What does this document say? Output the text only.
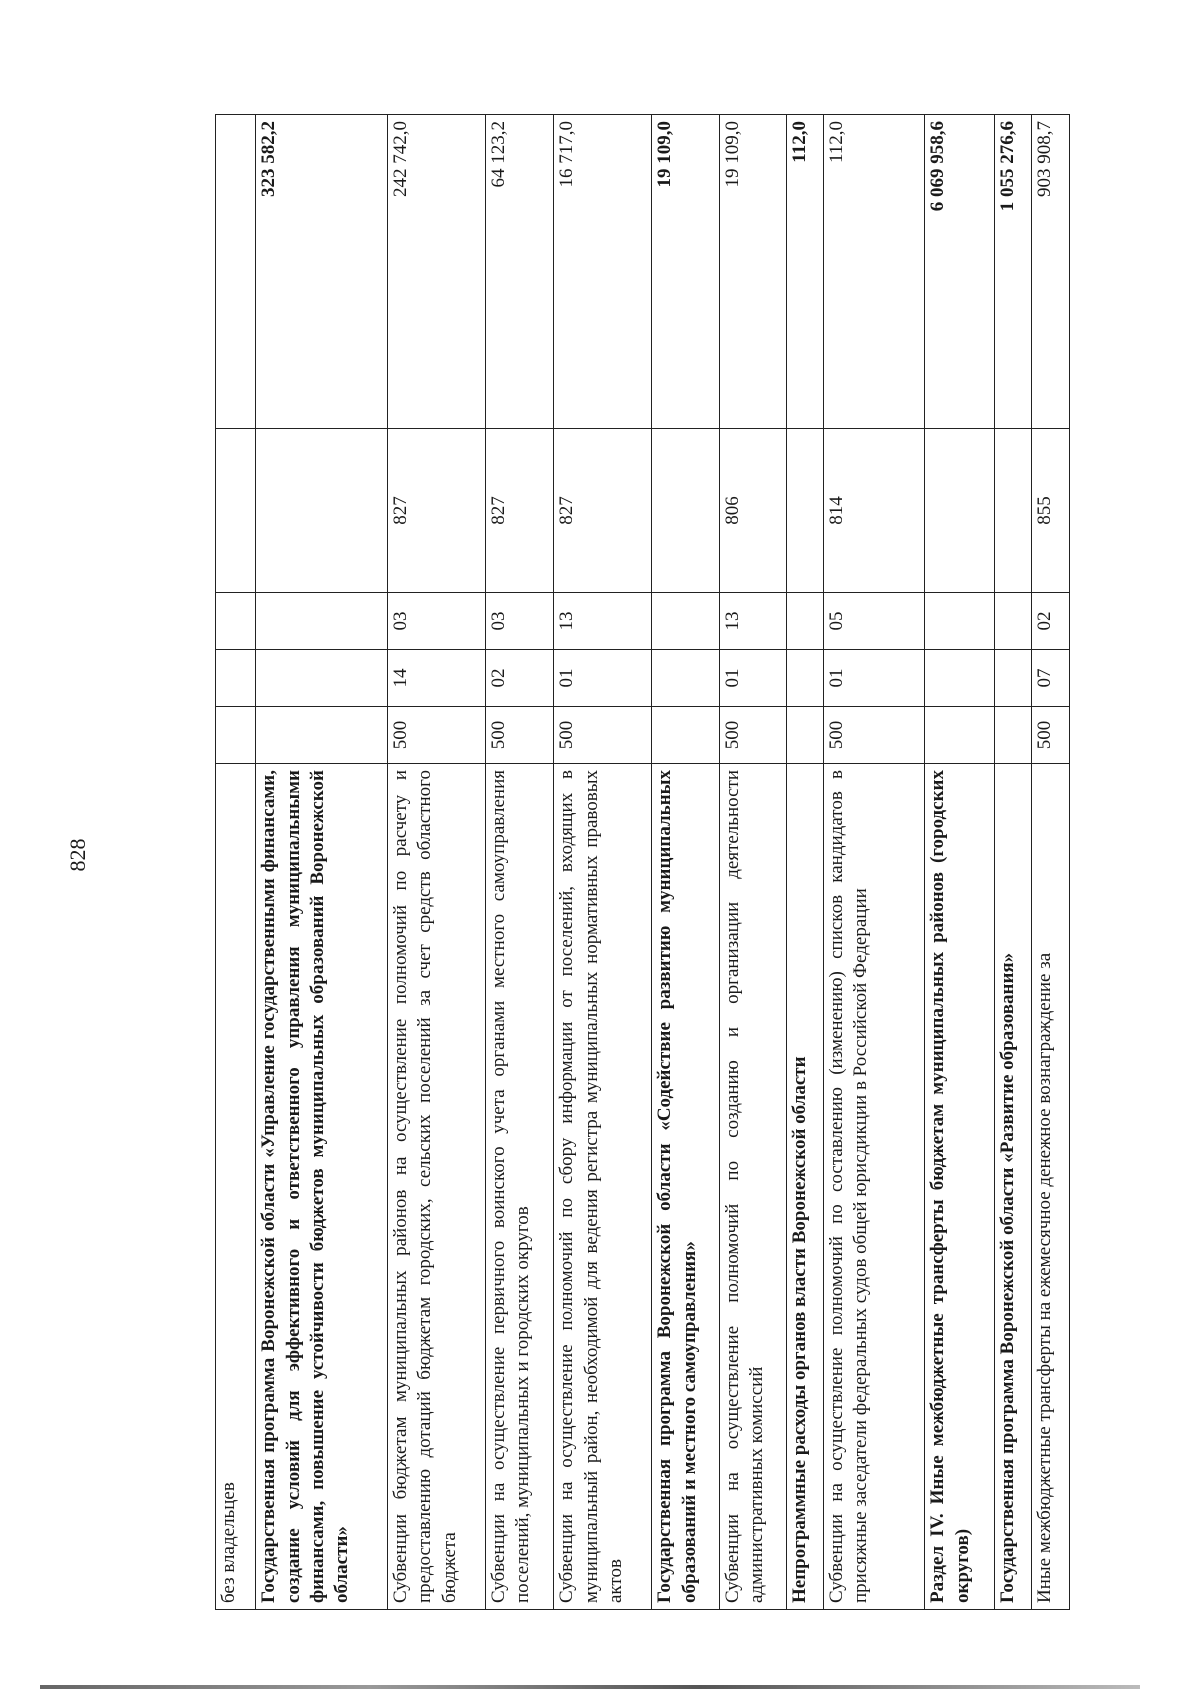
828
без владельцев					
Государственная программа Воронежской области «Управление государственными финансами, создание условий для эффективного и ответственного управления муниципальными финансами, повышение устойчивости бюджетов муниципальных образований Воронежской области»					323 582,2
Субвенции бюджетам муниципальных районов на осуществление полномочий по расчету и предоставлению дотаций бюджетам городских, сельских поселений за счет средств областного бюджета	500	14	03	827	242 742,0
Субвенции на осуществление первичного воинского учета органами местного самоуправления поселений, муниципальных и городских округов	500	02	03	827	64 123,2
Субвенции на осуществление полномочий по сбору информации от поселений, входящих в муниципальный район, необходимой для ведения регистра муниципальных нормативных правовых актов	500	01	13	827	16 717,0
Государственная программа Воронежской области «Содействие развитию муниципальных образований и местного самоуправления»					19 109,0
Субвенции на осуществление полномочий по созданию и организации деятельности административных комиссий	500	01	13	806	19 109,0
Непрограммные расходы органов власти Воронежской области					112,0
Субвенции на осуществление полномочий по составлению (изменению) списков кандидатов в присяжные заседатели федеральных судов общей юрисдикции в Российской Федерации	500	01	05	814	112,0
Раздел IV. Иные межбюджетные трансферты бюджетам муниципальных районов (городских округов)					6 069 958,6
Государственная программа Воронежской области «Развитие образования»					1 055 276,6
Иные межбюджетные трансферты на ежемесячное денежное вознаграждение за	500	07	02	855	903 908,7
